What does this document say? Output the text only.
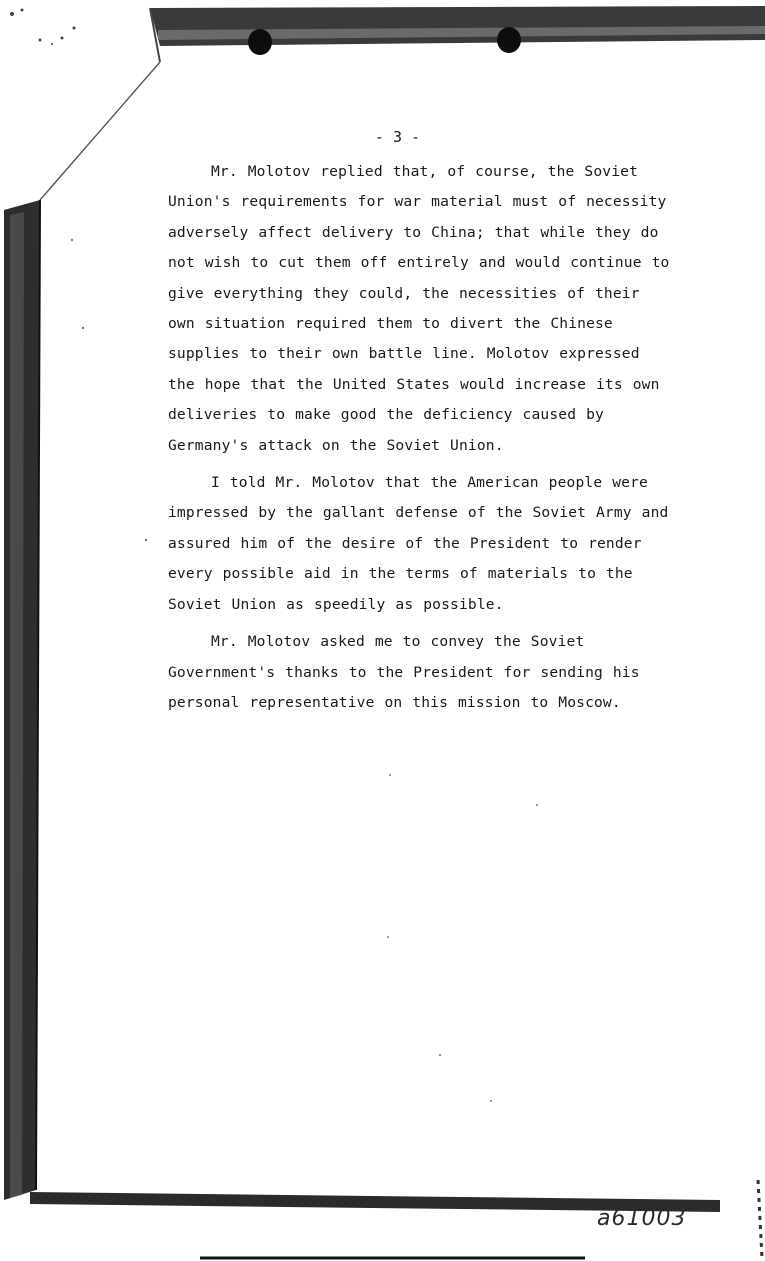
- 3 -

Mr. Molotov replied that, of course, the Soviet Union's requirements for war material must of necessity adversely affect delivery to China; that while they do not wish to cut them off entirely and would continue to give everything they could, the necessities of their own situation required them to divert the Chinese supplies to their own battle line. Molotov expressed the hope that the United States would increase its own deliveries to make good the deficiency caused by Germany's attack on the Soviet Union.

I told Mr. Molotov that the American people were impressed by the gallant defense of the Soviet Army and assured him of the desire of the President to render every possible aid in the terms of materials to the Soviet Union as speedily as possible.

Mr. Molotov asked me to convey the Soviet Government's thanks to the President for sending his personal representative on this mission to Moscow.

a61003
